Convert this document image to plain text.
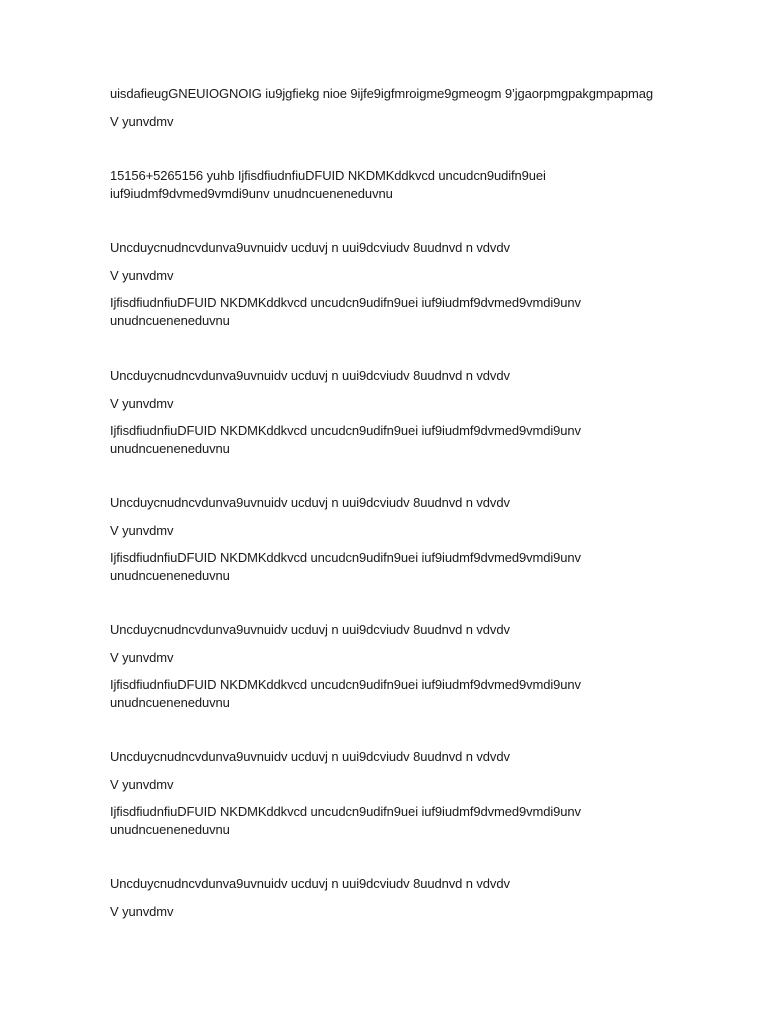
uisdafieugGNEUIOGNOIG iu9jgfiekg nioe 9ijfe9igfmroigme9gmeogm 9’jgaorpmgpakgmpapmag
V yunvdmv
15156+5265156 yuhb IjfisdfiudnfiuDFUID NKDMKddkvcd uncudcn9udifn9uei
iuf9iudmf9dvmed9vmdi9unv unudncueneneduvnu
Uncduycnudncvdunva9uvnuidv ucduvj n uui9dcviudv 8uudnvd n vdvdv
V yunvdmv
IjfisdfiudnfiuDFUID NKDMKddkvcd uncudcn9udifn9uei iuf9iudmf9dvmed9vmdi9unv
unudncueneneduvnu
Uncduycnudncvdunva9uvnuidv ucduvj n uui9dcviudv 8uudnvd n vdvdv
V yunvdmv
IjfisdfiudnfiuDFUID NKDMKddkvcd uncudcn9udifn9uei iuf9iudmf9dvmed9vmdi9unv
unudncueneneduvnu
Uncduycnudncvdunva9uvnuidv ucduvj n uui9dcviudv 8uudnvd n vdvdv
V yunvdmv
IjfisdfiudnfiuDFUID NKDMKddkvcd uncudcn9udifn9uei iuf9iudmf9dvmed9vmdi9unv
unudncueneneduvnu
Uncduycnudncvdunva9uvnuidv ucduvj n uui9dcviudv 8uudnvd n vdvdv
V yunvdmv
IjfisdfiudnfiuDFUID NKDMKddkvcd uncudcn9udifn9uei iuf9iudmf9dvmed9vmdi9unv
unudncueneneduvnu
Uncduycnudncvdunva9uvnuidv ucduvj n uui9dcviudv 8uudnvd n vdvdv
V yunvdmv
IjfisdfiudnfiuDFUID NKDMKddkvcd uncudcn9udifn9uei iuf9iudmf9dvmed9vmdi9unv
unudncueneneduvnu
Uncduycnudncvdunva9uvnuidv ucduvj n uui9dcviudv 8uudnvd n vdvdv
V yunvdmv
